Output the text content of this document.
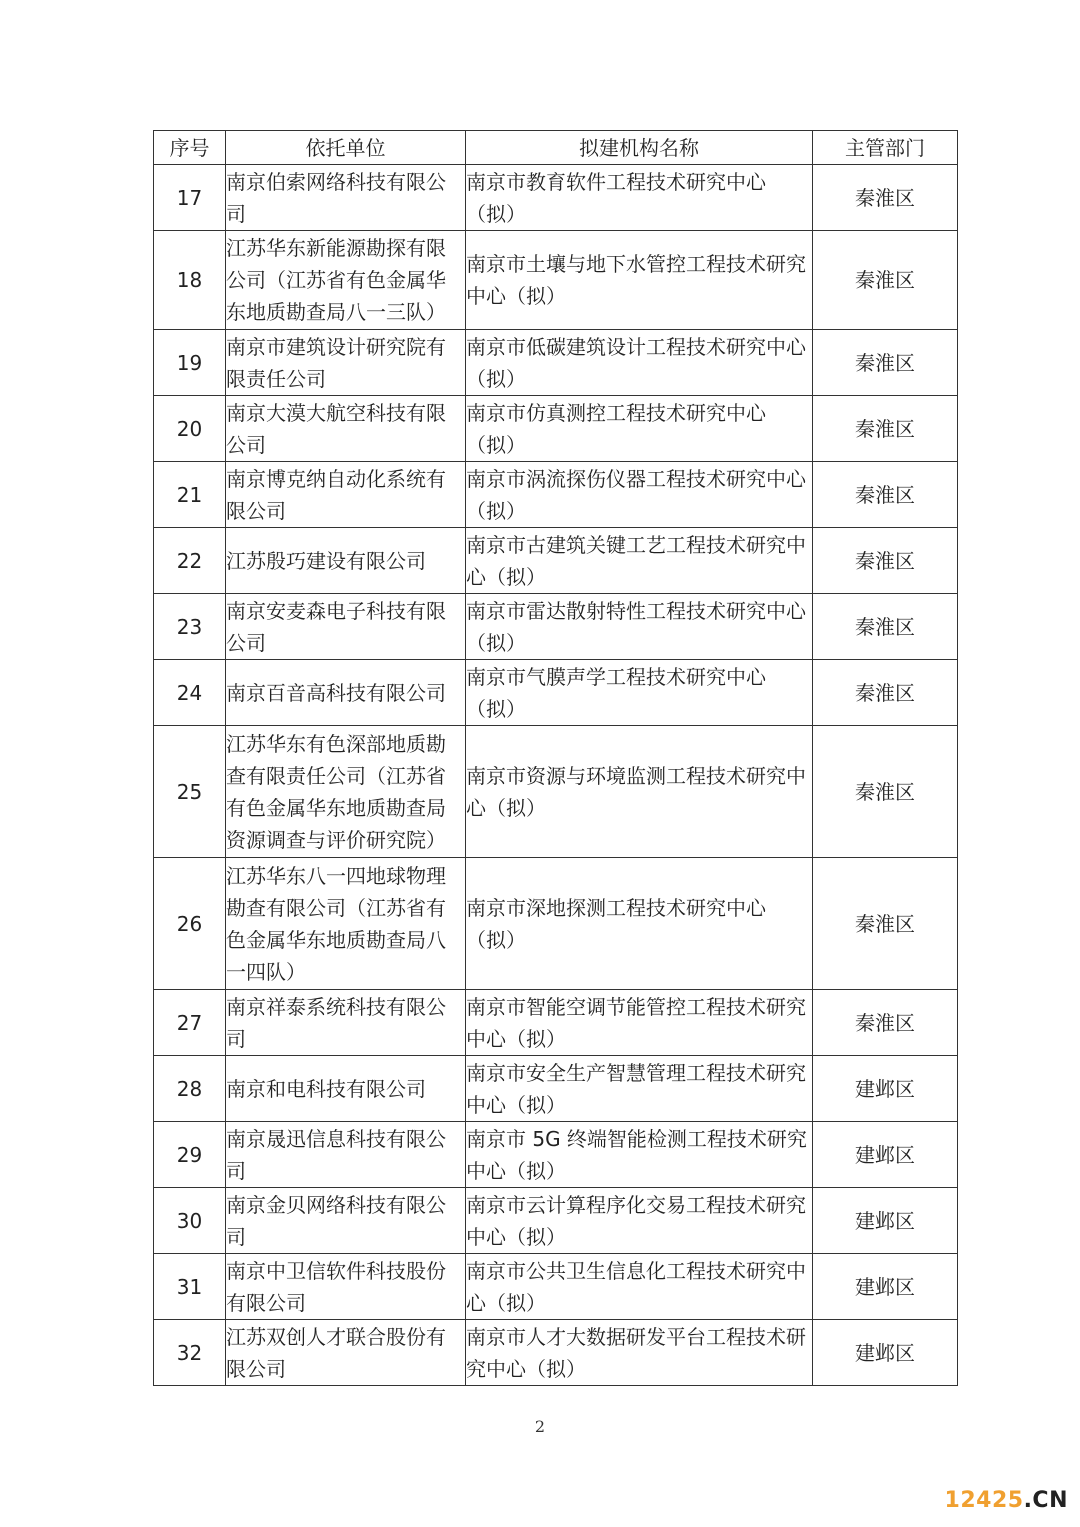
序号	依托单位	拟建机构名称	主管部门
17	南京伯索网络科技有限公司	南京市教育软件工程技术研究中心（拟）	秦淮区
18	江苏华东新能源勘探有限公司（江苏省有色金属华东地质勘查局八一三队）	南京市土壤与地下水管控工程技术研究中心（拟）	秦淮区
19	南京市建筑设计研究院有限责任公司	南京市低碳建筑设计工程技术研究中心（拟）	秦淮区
20	南京大漠大航空科技有限公司	南京市仿真测控工程技术研究中心（拟）	秦淮区
21	南京博克纳自动化系统有限公司	南京市涡流探伤仪器工程技术研究中心（拟）	秦淮区
22	江苏殷巧建设有限公司	南京市古建筑关键工艺工程技术研究中心（拟）	秦淮区
23	南京安麦森电子科技有限公司	南京市雷达散射特性工程技术研究中心（拟）	秦淮区
24	南京百音高科技有限公司	南京市气膜声学工程技术研究中心（拟）	秦淮区
25	江苏华东有色深部地质勘查有限责任公司（江苏省有色金属华东地质勘查局资源调查与评价研究院）	南京市资源与环境监测工程技术研究中心（拟）	秦淮区
26	江苏华东八一四地球物理勘查有限公司（江苏省有色金属华东地质勘查局八一四队）	南京市深地探测工程技术研究中心（拟）	秦淮区
27	南京祥泰系统科技有限公司	南京市智能空调节能管控工程技术研究中心（拟）	秦淮区
28	南京和电科技有限公司	南京市安全生产智慧管理工程技术研究中心（拟）	建邺区
29	南京晟迅信息科技有限公司	南京市 5G 终端智能检测工程技术研究中心（拟）	建邺区
30	南京金贝网络科技有限公司	南京市云计算程序化交易工程技术研究中心（拟）	建邺区
31	南京中卫信软件科技股份有限公司	南京市公共卫生信息化工程技术研究中心（拟）	建邺区
32	江苏双创人才联合股份有限公司	南京市人才大数据研发平台工程技术研究中心（拟）	建邺区
2
12425.CN
